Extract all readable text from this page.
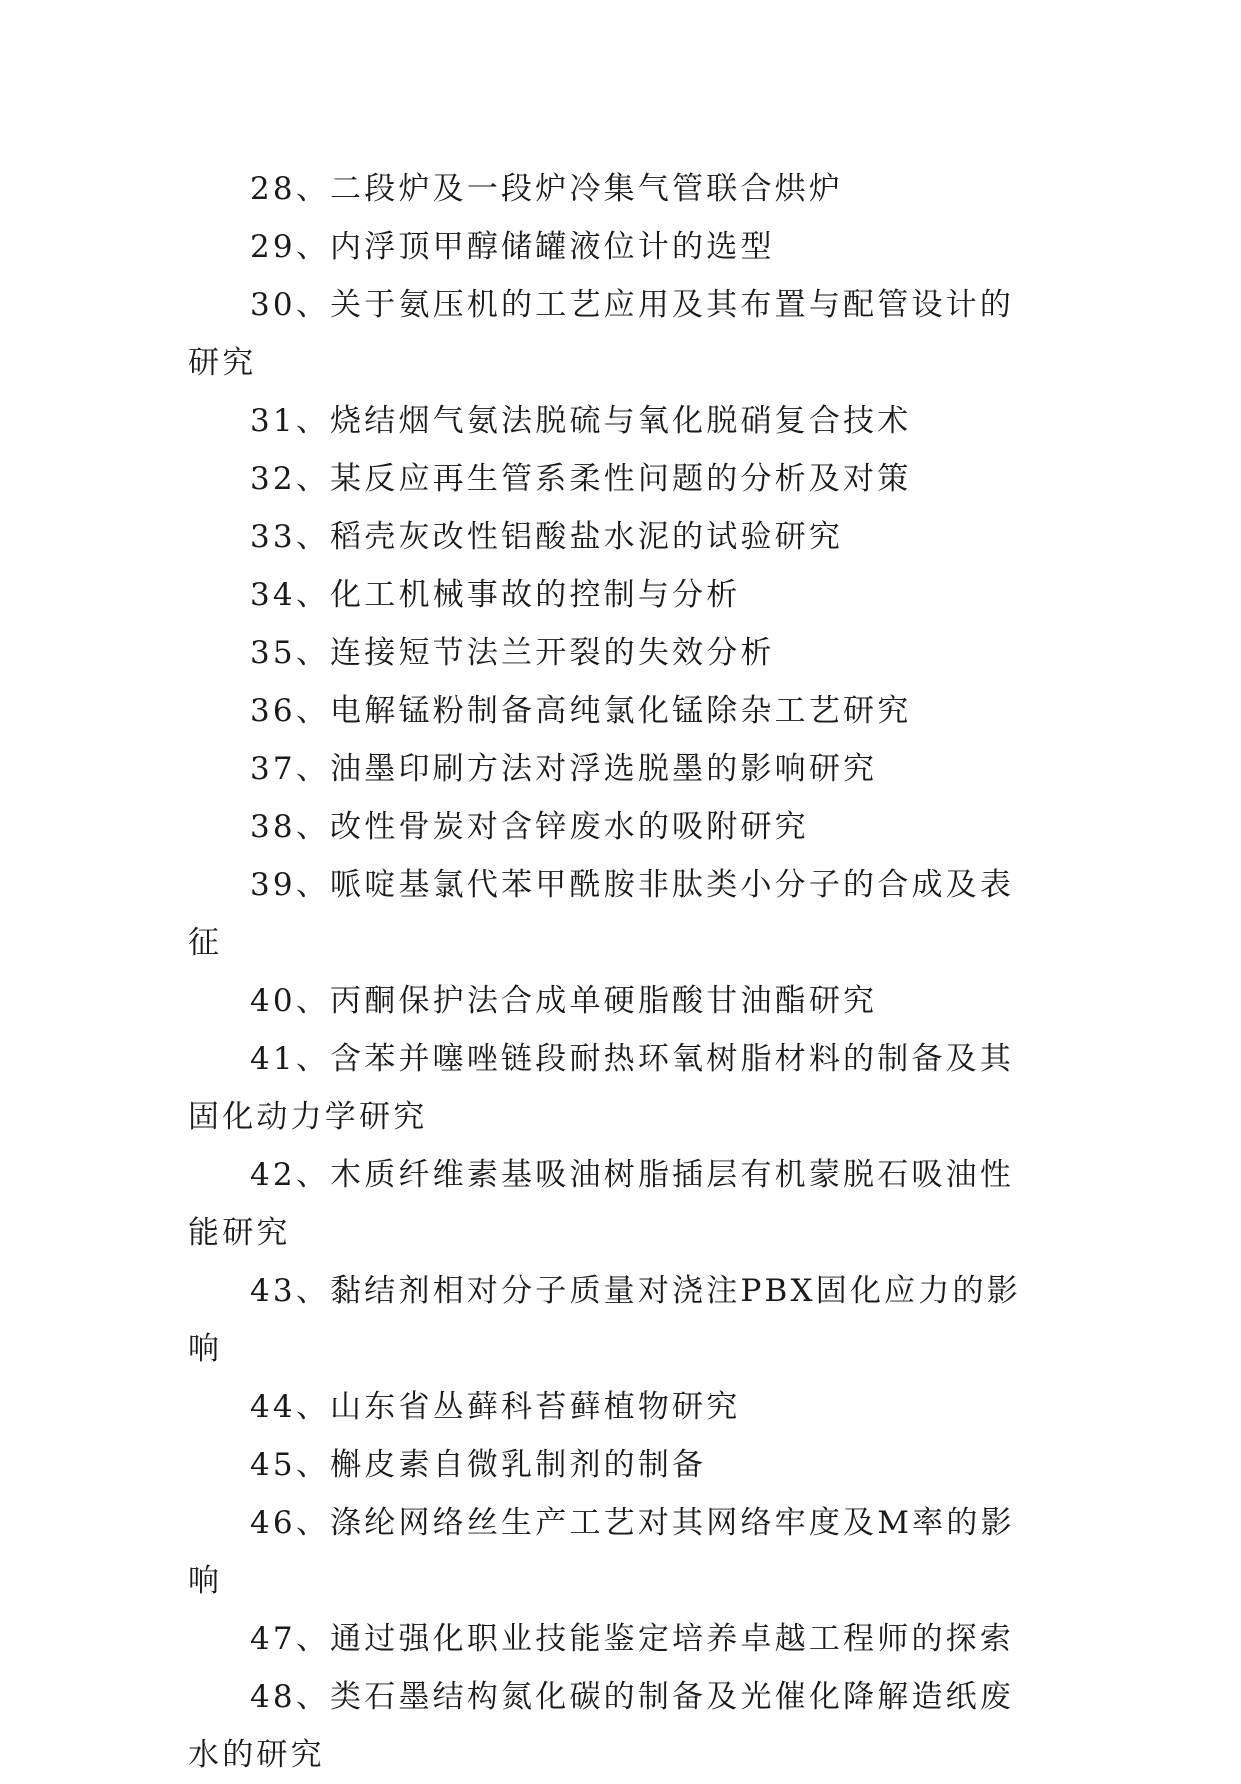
28、二段炉及一段炉冷集气管联合烘炉

29、内浮顶甲醇储罐液位计的选型

30、关于氨压机的工艺应用及其布置与配管设计的研究

31、烧结烟气氨法脱硫与氧化脱硝复合技术

32、某反应再生管系柔性问题的分析及对策

33、稻壳灰改性铝酸盐水泥的试验研究

34、化工机械事故的控制与分析

35、连接短节法兰开裂的失效分析

36、电解锰粉制备高纯氯化锰除杂工艺研究

37、油墨印刷方法对浮选脱墨的影响研究

38、改性骨炭对含锌废水的吸附研究

39、哌啶基氯代苯甲酰胺非肽类小分子的合成及表征

40、丙酮保护法合成单硬脂酸甘油酯研究

41、含苯并噻唑链段耐热环氧树脂材料的制备及其固化动力学研究

42、木质纤维素基吸油树脂插层有机蒙脱石吸油性能研究

43、黏结剂相对分子质量对浇注PBX固化应力的影响

44、山东省丛藓科苔藓植物研究

45、槲皮素自微乳制剂的制备

46、涤纶网络丝生产工艺对其网络牢度及M率的影响

47、通过强化职业技能鉴定培养卓越工程师的探索

48、类石墨结构氮化碳的制备及光催化降解造纸废水的研究
